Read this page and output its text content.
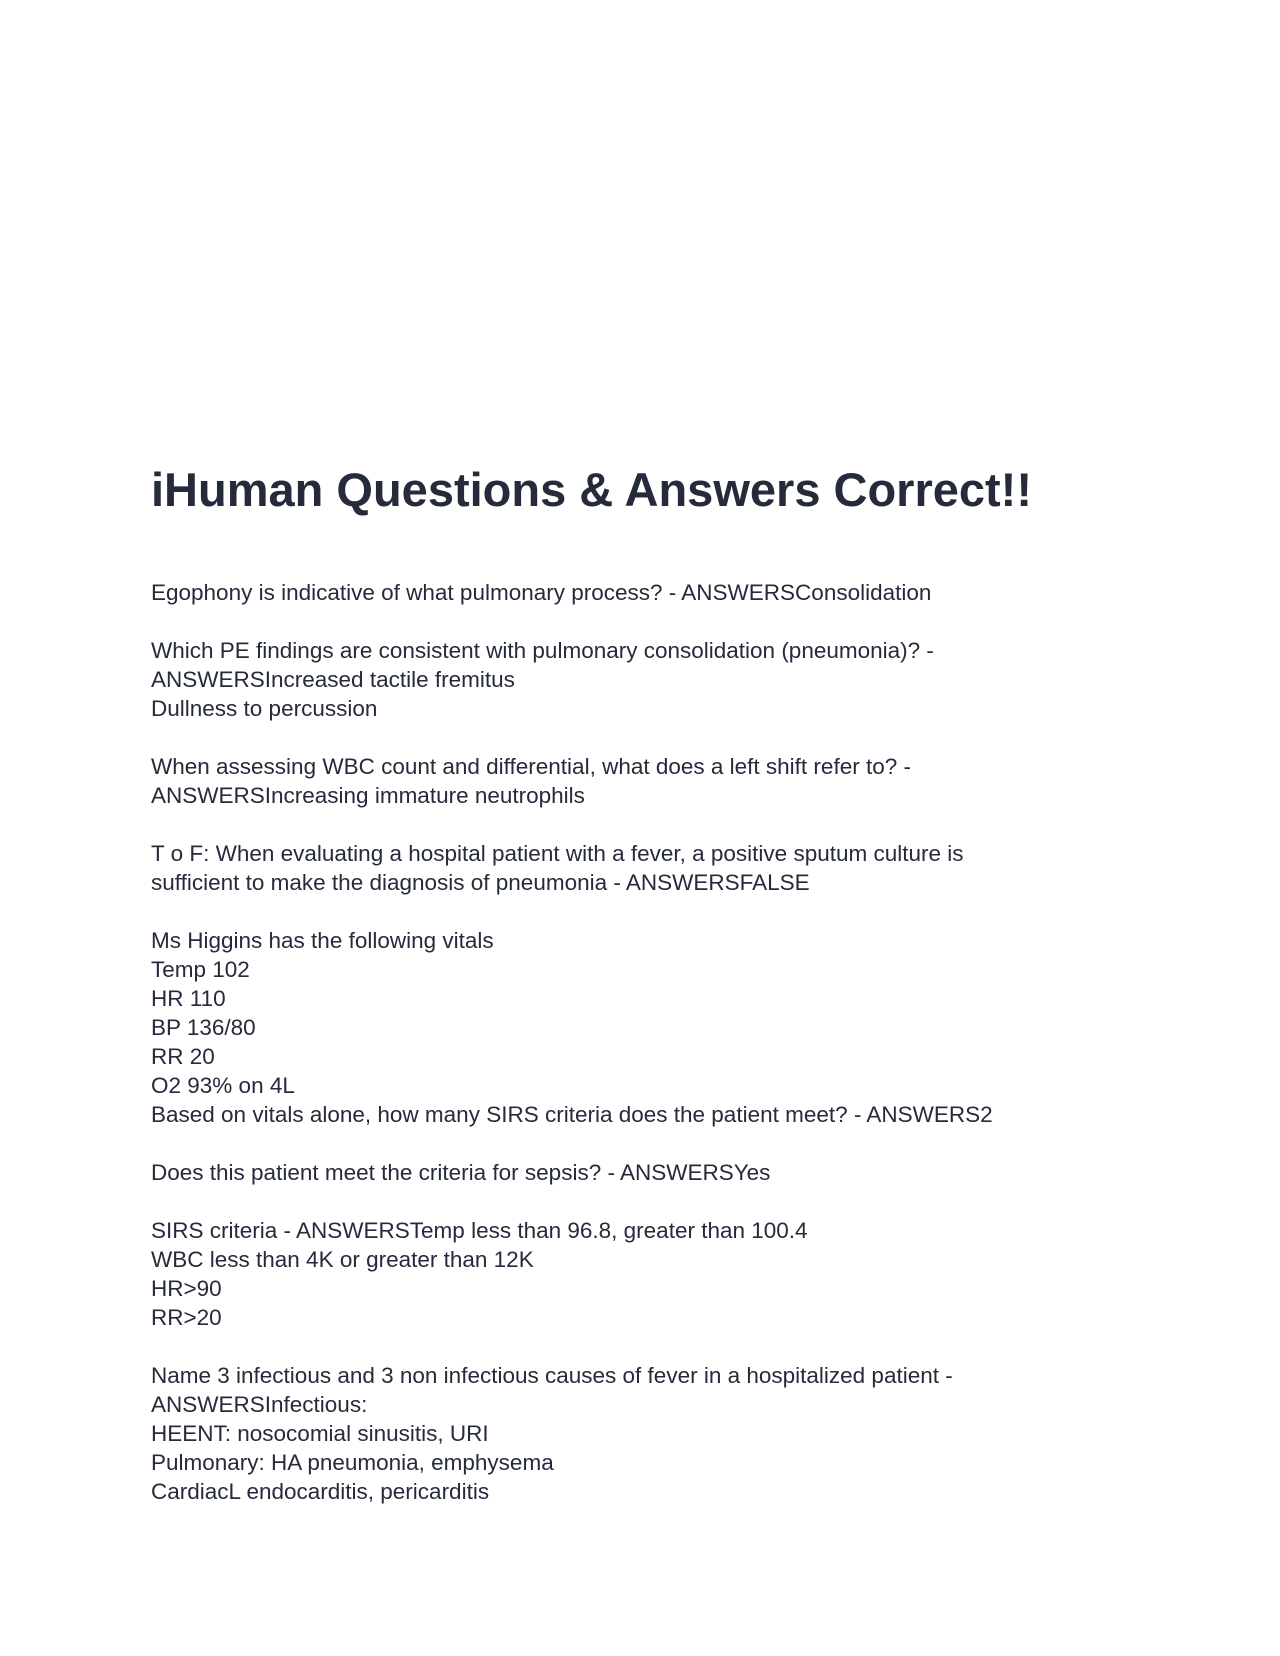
iHuman Questions & Answers Correct!!

Egophony is indicative of what pulmonary process? - ANSWERSConsolidation

Which PE findings are consistent with pulmonary consolidation (pneumonia)? -
ANSWERSIncreased tactile fremitus
Dullness to percussion

When assessing WBC count and differential, what does a left shift refer to? -
ANSWERSIncreasing immature neutrophils

T o F: When evaluating a hospital patient with a fever, a positive sputum culture is
sufficient to make the diagnosis of pneumonia - ANSWERSFALSE

Ms Higgins has the following vitals
Temp 102
HR 110
BP 136/80
RR 20
O2 93% on 4L
Based on vitals alone, how many SIRS criteria does the patient meet? - ANSWERS2

Does this patient meet the criteria for sepsis? - ANSWERSYes

SIRS criteria - ANSWERSTemp less than 96.8, greater than 100.4
WBC less than 4K or greater than 12K
HR>90
RR>20

Name 3 infectious and 3 non infectious causes of fever in a hospitalized patient -
ANSWERSInfectious:
HEENT: nosocomial sinusitis, URI
Pulmonary: HA pneumonia, emphysema
CardiacL endocarditis, pericarditis
